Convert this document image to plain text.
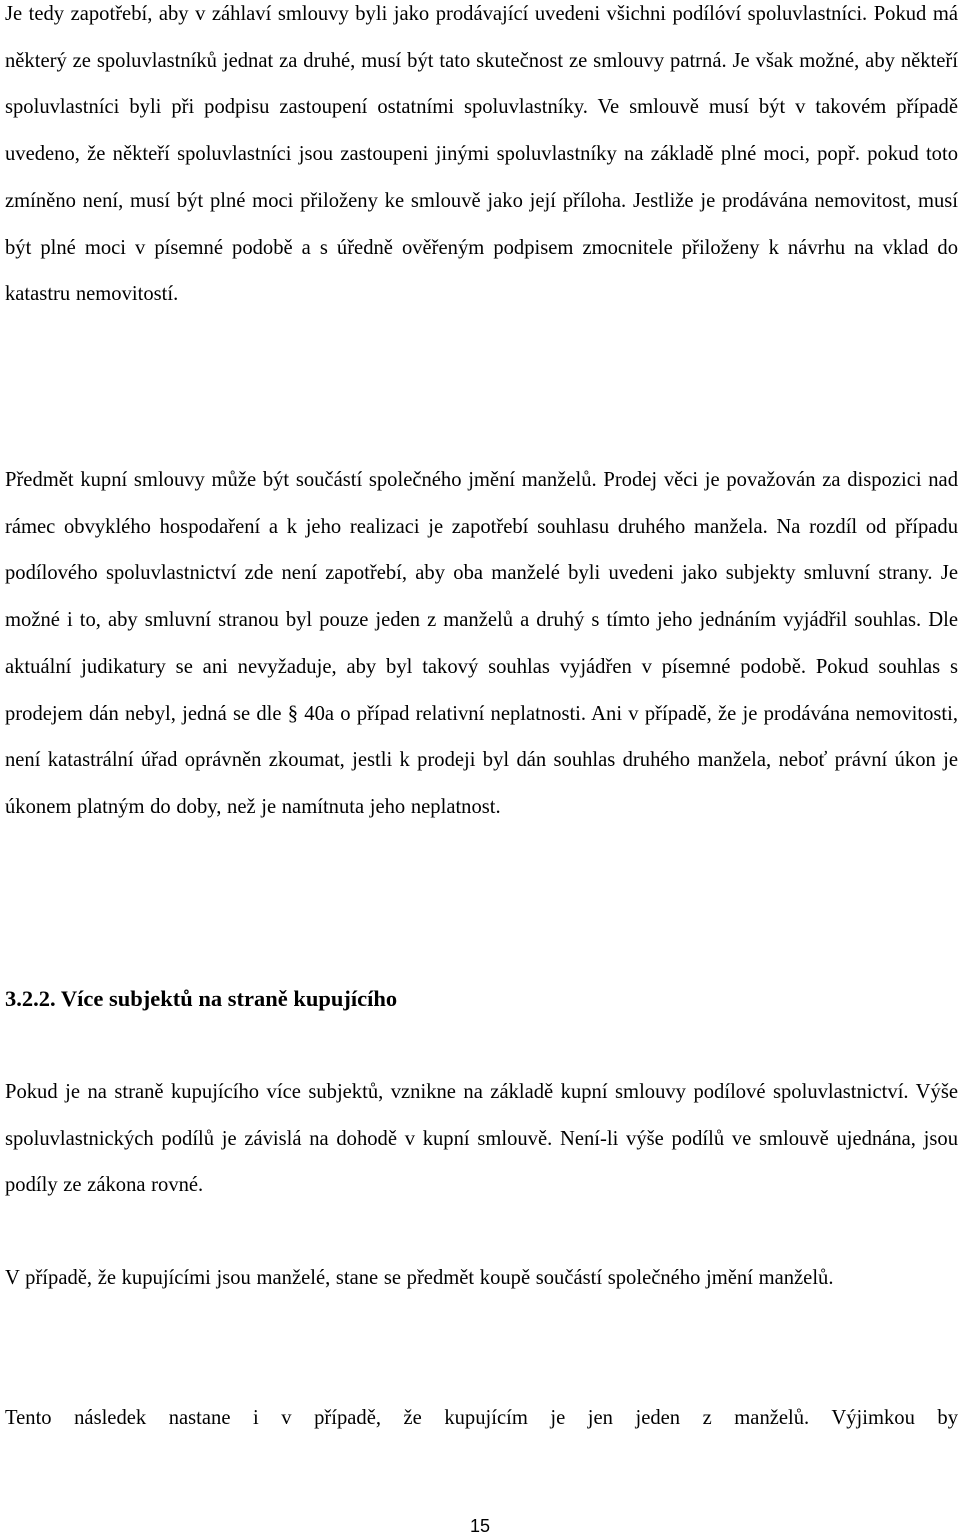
Je tedy zapotřebí, aby v záhlaví smlouvy byli jako prodávající uvedeni všichni podílóví spoluvlastníci. Pokud má některý ze spoluvlastníků jednat za druhé, musí být tato skutečnost ze smlouvy patrná. Je však možné, aby někteří spoluvlastníci byli při podpisu zastoupení ostatními spoluvlastníky. Ve smlouvě musí být v takovém případě uvedeno, že někteří spoluvlastníci jsou zastoupeni jinými spoluvlastníky na základě plné moci, popř. pokud toto zmíněno není, musí být plné moci přiloženy ke smlouvě jako její příloha. Jestliže je prodávána nemovitost, musí být plné moci v písemné podobě a s úředně ověřeným podpisem zmocnitele přiloženy k návrhu na vklad do katastru nemovitostí.

Předmět kupní smlouvy může být součástí společného jmění manželů. Prodej věci je považován za dispozici nad rámec obvyklého hospodaření a k jeho realizaci je zapotřebí souhlasu druhého manžela. Na rozdíl od případu podílového spoluvlastnictví zde není zapotřebí, aby oba manželé byli uvedeni jako subjekty smluvní strany. Je možné i to, aby smluvní stranou byl pouze jeden z manželů a druhý s tímto jeho jednáním vyjádřil souhlas. Dle aktuální judikatury se ani nevyžaduje, aby byl takový souhlas vyjádřen v písemné podobě. Pokud souhlas s prodejem dán nebyl, jedná se dle § 40a o případ relativní neplatnosti. Ani v případě, že je prodávána nemovitosti, není katastrální úřad oprávněn zkoumat, jestli k prodeji byl dán souhlas druhého manžela, neboť právní úkon je úkonem platným do doby, než je namítnuta jeho neplatnost.

3.2.2. Více subjektů na straně kupujícího

Pokud je na straně kupujícího více subjektů, vznikne na základě kupní smlouvy podílové spoluvlastnictví. Výše spoluvlastnických podílů je závislá na dohodě v kupní smlouvě. Není-li výše podílů ve smlouvě ujednána, jsou podíly ze zákona rovné.

V případě, že kupujícími jsou manželé, stane se předmět koupě součástí společného jmění manželů.

Tento následek nastane i v případě, že kupujícím je jen jeden z manželů. Výjimkou by

15
